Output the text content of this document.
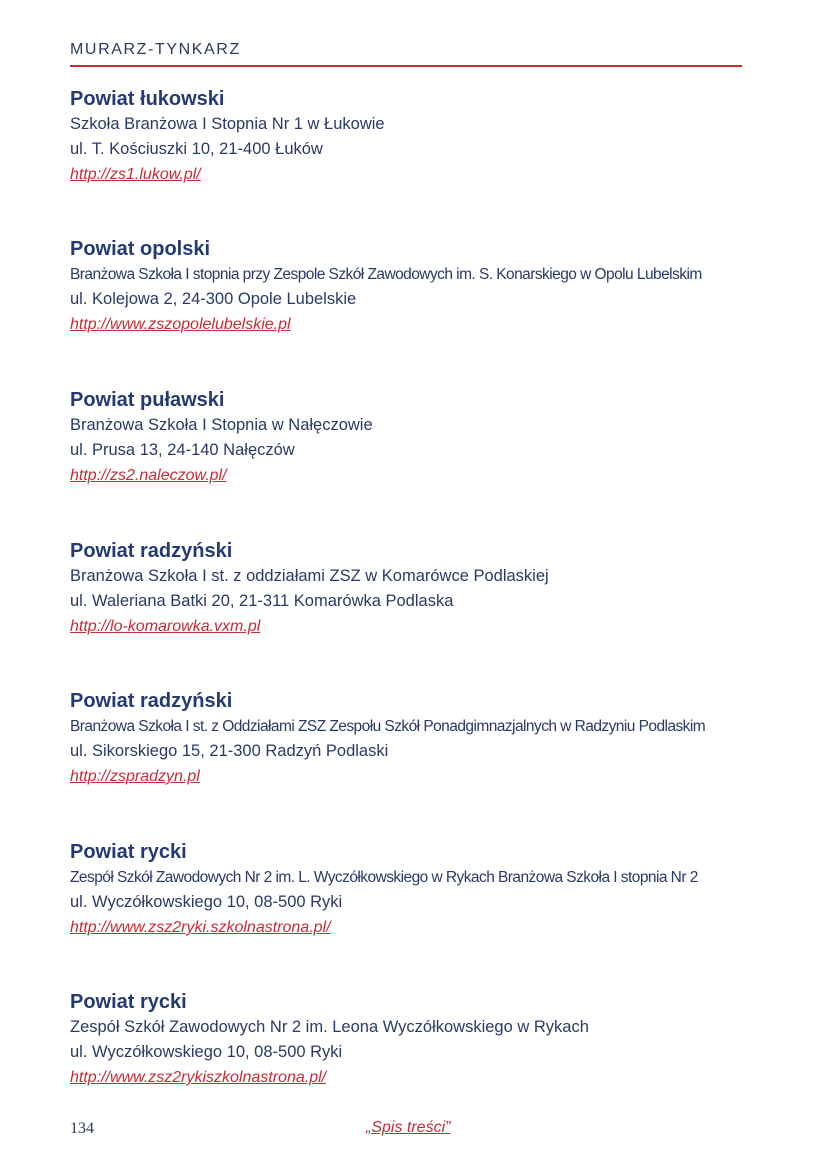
MURARZ-TYNKARZ
Powiat łukowski
Szkoła Branżowa I Stopnia Nr 1 w Łukowie
ul. T. Kościuszki 10, 21-400 Łuków
http://zs1.lukow.pl/
Powiat opolski
Branżowa Szkoła I stopnia przy Zespole Szkół Zawodowych im. S. Konarskiego w Opolu Lubelskim
ul. Kolejowa 2, 24-300 Opole Lubelskie
http://www.zszopolelubelskie.pl
Powiat puławski
Branżowa Szkoła I Stopnia w Nałęczowie
ul. Prusa 13, 24-140 Nałęczów
http://zs2.naleczow.pl/
Powiat radzyński
Branżowa Szkoła I st. z oddziałami ZSZ w Komarówce Podlaskiej
ul. Waleriana Batki 20, 21-311 Komarówka Podlaska
http://lo-komarowka.vxm.pl
Powiat radzyński
Branżowa Szkoła I st. z Oddziałami ZSZ Zespołu Szkół Ponadgimnazjalnych w Radzyniu Podlaskim
ul. Sikorskiego 15, 21-300 Radzyń Podlaski
http://zspradzyn.pl
Powiat rycki
Zespół Szkół Zawodowych Nr 2 im. L. Wyczółkowskiego w Rykach Branżowa Szkoła I stopnia Nr 2
ul. Wyczółkowskiego 10, 08-500 Ryki
http://www.zsz2ryki.szkolnastrona.pl/
Powiat rycki
Zespół Szkół Zawodowych Nr 2 im. Leona Wyczółkowskiego w Rykach
ul. Wyczółkowskiego 10, 08-500 Ryki
http://www.zsz2rykiszkolnastrona.pl/
134	„Spis treści”
